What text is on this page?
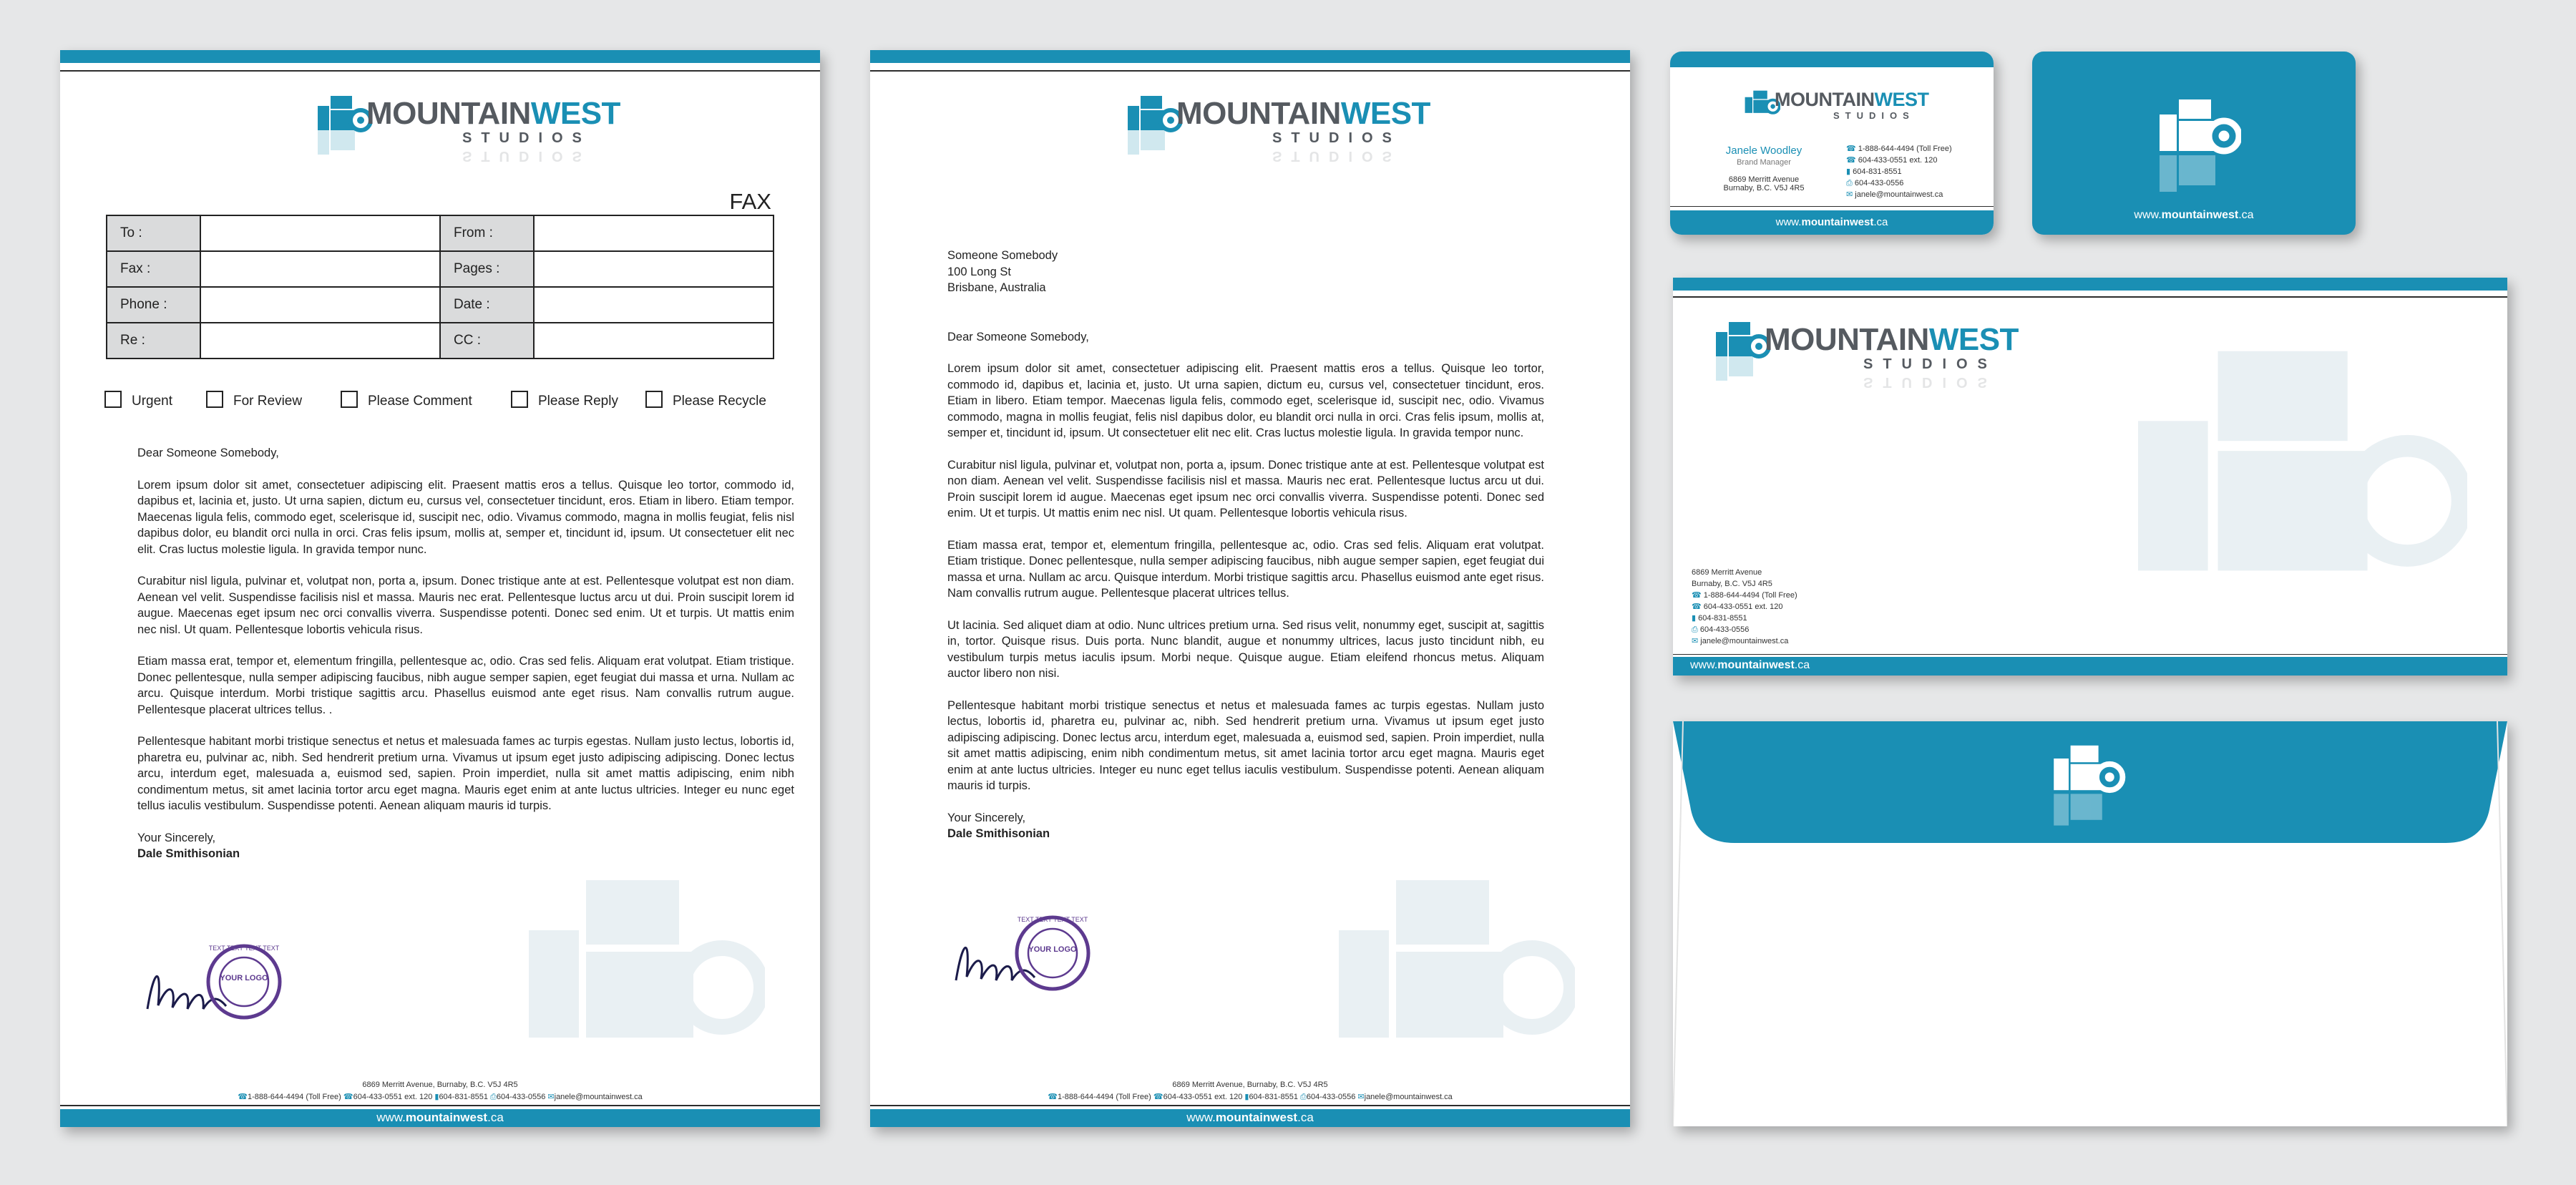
MOUNTAINWEST
STUDIOS
STUDIOS
FAX
To :		From :	
Fax :		Pages :	
Phone :		Date :	
Re :		CC :	
Urgent	For Review	Please Comment	Please Reply	Please Recycle

Dear Someone Somebody,

Lorem ipsum dolor sit amet, consectetuer adipiscing elit. Praesent mattis eros a tellus. Quisque leo tortor, commodo id, dapibus et, lacinia et, justo. Ut urna sapien, dictum eu, cursus vel, consectetuer tincidunt, eros. Etiam in libero. Etiam tempor. Maecenas ligula felis, commodo eget, scelerisque id, suscipit nec, odio. Vivamus commodo, magna in mollis feugiat, felis nisl dapibus dolor, eu blandit orci nulla in orci. Cras felis ipsum, mollis at, semper et, tincidunt id, ipsum. Ut consectetuer elit nec elit. Cras luctus molestie ligula. In gravida tempor nunc.

Curabitur nisl ligula, pulvinar et, volutpat non, porta a, ipsum. Donec tristique ante at est. Pellentesque volutpat est non diam. Aenean vel velit. Suspendisse facilisis nisl et massa. Mauris nec erat. Pellentesque luctus arcu ut dui. Proin suscipit lorem id augue. Maecenas eget ipsum nec orci convallis viverra. Suspendisse potenti. Donec sed enim. Ut et turpis. Ut mattis enim nec nisl. Ut quam. Pellentesque lobortis vehicula risus.

Etiam massa erat, tempor et, elementum fringilla, pellentesque ac, odio. Cras sed felis. Aliquam erat volutpat. Etiam tristique. Donec pellentesque, nulla semper adipiscing faucibus, nibh augue semper sapien, eget feugiat dui massa et urna. Nullam ac arcu. Quisque interdum. Morbi tristique sagittis arcu. Phasellus euismod ante eget risus. Nam convallis rutrum augue. Pellentesque placerat ultrices tellus. .

Pellentesque habitant morbi tristique senectus et netus et malesuada fames ac turpis egestas. Nullam justo lectus, lobortis id, pharetra eu, pulvinar ac, nibh. Sed hendrerit pretium urna. Vivamus ut ipsum eget justo adipiscing adipiscing. Donec lectus arcu, interdum eget, malesuada a, euismod sed, sapien. Proin imperdiet, nulla sit amet mattis adipiscing, enim nibh condimentum metus, sit amet lacinia tortor arcu eget magna. Mauris eget enim at ante luctus ultricies. Integer eu nunc eget tellus iaculis vestibulum. Suspendisse potenti. Aenean aliquam mauris id turpis.

Your Sincerely,
Dale Smithisonian
YOUR LOGO
TEXT TEXT TEXT TEXT
6869 Merritt Avenue, Burnaby, B.C. V5J 4R5
☎1-888-644-4494 (Toll Free) ☎604-433-0551 ext. 120 ▮604-831-8551 ⎙604-433-0556 ✉janele@mountainwest.ca
www.mountainwest.ca
MOUNTAINWEST
STUDIOS
STUDIOS
Someone Somebody
100 Long St
Brisbane, Australia

Dear Someone Somebody,

Lorem ipsum dolor sit amet, consectetuer adipiscing elit. Praesent mattis eros a tellus. Quisque leo tortor, commodo id, dapibus et, lacinia et, justo. Ut urna sapien, dictum eu, cursus vel, consectetuer tincidunt, eros. Etiam in libero. Etiam tempor. Maecenas ligula felis, commodo eget, scelerisque id, suscipit nec, odio. Vivamus commodo, magna in mollis feugiat, felis nisl dapibus dolor, eu blandit orci nulla in orci. Cras felis ipsum, mollis at, semper et, tincidunt id, ipsum. Ut consectetuer elit nec elit. Cras luctus molestie ligula. In gravida tempor nunc.

Curabitur nisl ligula, pulvinar et, volutpat non, porta a, ipsum. Donec tristique ante at est. Pellentesque volutpat est non diam. Aenean vel velit. Suspendisse facilisis nisl et massa. Mauris nec erat. Pellentesque luctus arcu ut dui. Proin suscipit lorem id augue. Maecenas eget ipsum nec orci convallis viverra. Suspendisse potenti. Donec sed enim. Ut et turpis. Ut mattis enim nec nisl. Ut quam. Pellentesque lobortis vehicula risus.

Etiam massa erat, tempor et, elementum fringilla, pellentesque ac, odio. Cras sed felis. Aliquam erat volutpat. Etiam tristique. Donec pellentesque, nulla semper adipiscing faucibus, nibh augue semper sapien, eget feugiat dui massa et urna. Nullam ac arcu. Quisque interdum. Morbi tristique sagittis arcu. Phasellus euismod ante eget risus. Nam convallis rutrum augue. Pellentesque placerat ultrices tellus.

Ut lacinia. Sed aliquet diam at odio. Nunc ultrices pretium urna. Sed risus velit, nonummy eget, suscipit at, sagittis in, tortor. Quisque risus. Duis porta. Nunc blandit, augue et nonummy ultrices, lacus justo tincidunt nibh, eu vestibulum turpis metus iaculis ipsum. Morbi neque. Quisque augue. Etiam eleifend rhoncus metus. Aliquam auctor libero non nisi.

Pellentesque habitant morbi tristique senectus et netus et malesuada fames ac turpis egestas. Nullam justo lectus, lobortis id, pharetra eu, pulvinar ac, nibh. Sed hendrerit pretium urna. Vivamus ut ipsum eget justo adipiscing adipiscing. Donec lectus arcu, interdum eget, malesuada a, euismod sed, sapien. Proin imperdiet, nulla sit amet mattis adipiscing, enim nibh condimentum metus, sit amet lacinia tortor arcu eget magna. Mauris eget enim at ante luctus ultricies. Integer eu nunc eget tellus iaculis vestibulum. Suspendisse potenti. Aenean aliquam mauris id turpis.

Your Sincerely,
Dale Smithisonian
YOUR LOGO
TEXT TEXT TEXT TEXT
6869 Merritt Avenue, Burnaby, B.C. V5J 4R5
☎1-888-644-4494 (Toll Free) ☎604-433-0551 ext. 120 ▮604-831-8551 ⎙604-433-0556 ✉janele@mountainwest.ca
www.mountainwest.ca
MOUNTAINWEST
STUDIOS
Janele Woodley
Brand Manager
6869 Merritt Avenue
Burnaby, B.C. V5J 4R5
☎ 1-888-644-4494 (Toll Free)
☎ 604-433-0551 ext. 120
▮ 604-831-8551
⎙ 604-433-0556
✉ janele@mountainwest.ca
www.mountainwest.ca
www.mountainwest.ca
MOUNTAINWEST
STUDIOS
STUDIOS
6869 Merritt Avenue
Burnaby, B.C. V5J 4R5
☎ 1-888-644-4494 (Toll Free)
☎ 604-433-0551 ext. 120
▮ 604-831-8551
⎙ 604-433-0556
✉ janele@mountainwest.ca
www.mountainwest.ca
